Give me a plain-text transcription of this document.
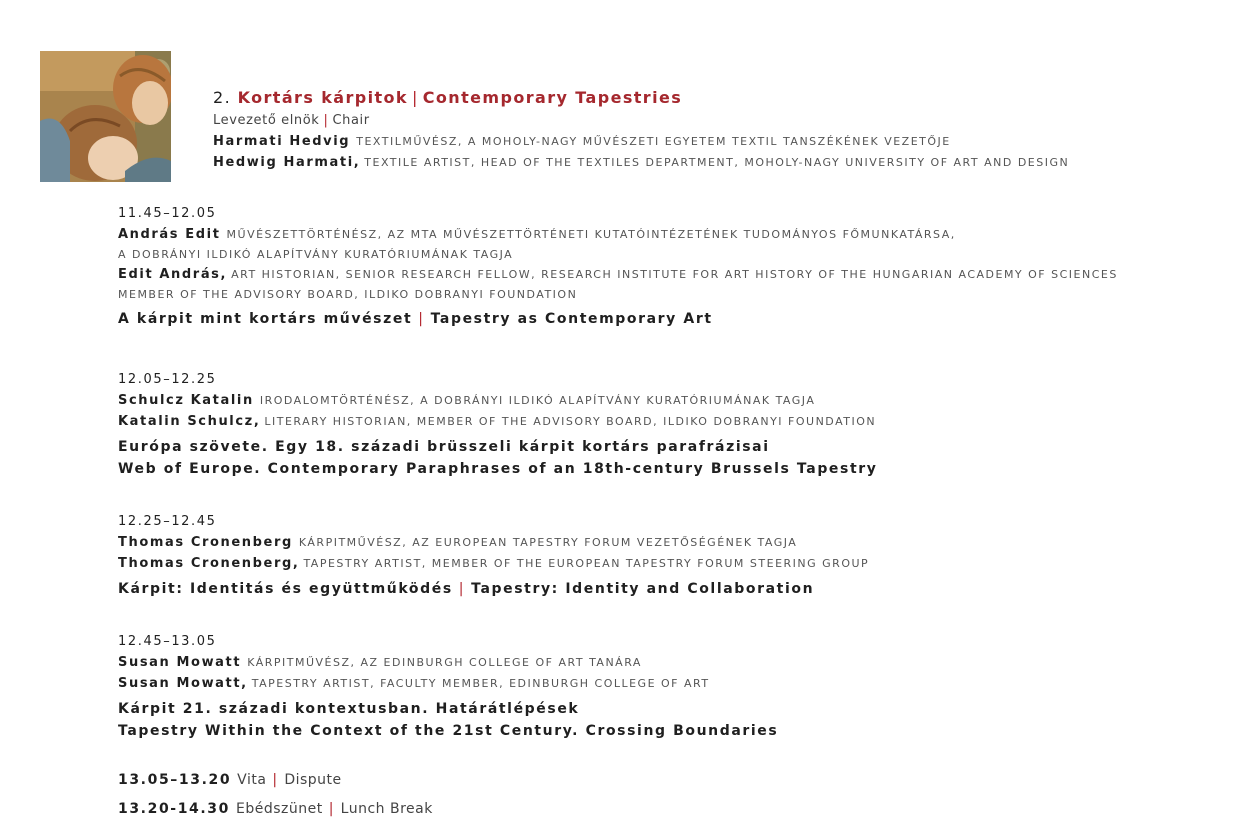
2. Kortárs kárpitok | Contemporary Tapestries
Levezető elnök | Chair
Harmati Hedvig TEXTILMŰVÉSZ, A MOHOLY-NAGY MŰVÉSZETI EGYETEM TEXTIL TANSZÉKÉNEK VEZETŐJE
Hedwig Harmati, TEXTILE ARTIST, HEAD OF THE TEXTILES DEPARTMENT, MOHOLY-NAGY UNIVERSITY OF ART AND DESIGN
11.45–12.05
András Edit MŰVÉSZETTÖRTÉNÉSZ, AZ MTA MŰVÉSZETTÖRTÉNETI KUTATÓINTÉZETÉNEK TUDOMÁNYOS FŐMUNKATÁRSA,
A DOBRÁNYI ILDIKÓ ALAPÍTVÁNY KURATÓRIUMÁNAK TAGJA
Edit András, ART HISTORIAN, SENIOR RESEARCH FELLOW, RESEARCH INSTITUTE FOR ART HISTORY OF THE HUNGARIAN ACADEMY OF SCIENCES
MEMBER OF THE ADVISORY BOARD, ILDIKO DOBRANYI FOUNDATION
A kárpit mint kortárs művészet | Tapestry as Contemporary Art
12.05–12.25
Schulcz Katalin IRODALOMTÖRTÉNÉSZ, A DOBRÁNYI ILDIKÓ ALAPÍTVÁNY KURATÓRIUMÁNAK TAGJA
Katalin Schulcz, LITERARY HISTORIAN, MEMBER OF THE ADVISORY BOARD, ILDIKO DOBRANYI FOUNDATION
Európa szövete. Egy 18. századi brüsszeli kárpit kortárs parafrázisai
Web of Europe. Contemporary Paraphrases of an 18th-century Brussels Tapestry
12.25–12.45
Thomas Cronenberg KÁRPITMŰVÉSZ, AZ EUROPEAN TAPESTRY FORUM VEZETŐSÉGÉNEK TAGJA
Thomas Cronenberg, TAPESTRY ARTIST, MEMBER OF THE EUROPEAN TAPESTRY FORUM STEERING GROUP
Kárpit: Identitás és együttműködés | Tapestry: Identity and Collaboration
12.45–13.05
Susan Mowatt KÁRPITMŰVÉSZ, AZ EDINBURGH COLLEGE OF ART TANÁRA
Susan Mowatt, TAPESTRY ARTIST, FACULTY MEMBER, EDINBURGH COLLEGE OF ART
Kárpit 21. századi kontextusban. Határátlépések
Tapestry Within the Context of the 21st Century. Crossing Boundaries
13.05–13.20 Vita | Dispute
13.20-14.30 Ebédszünet | Lunch Break
